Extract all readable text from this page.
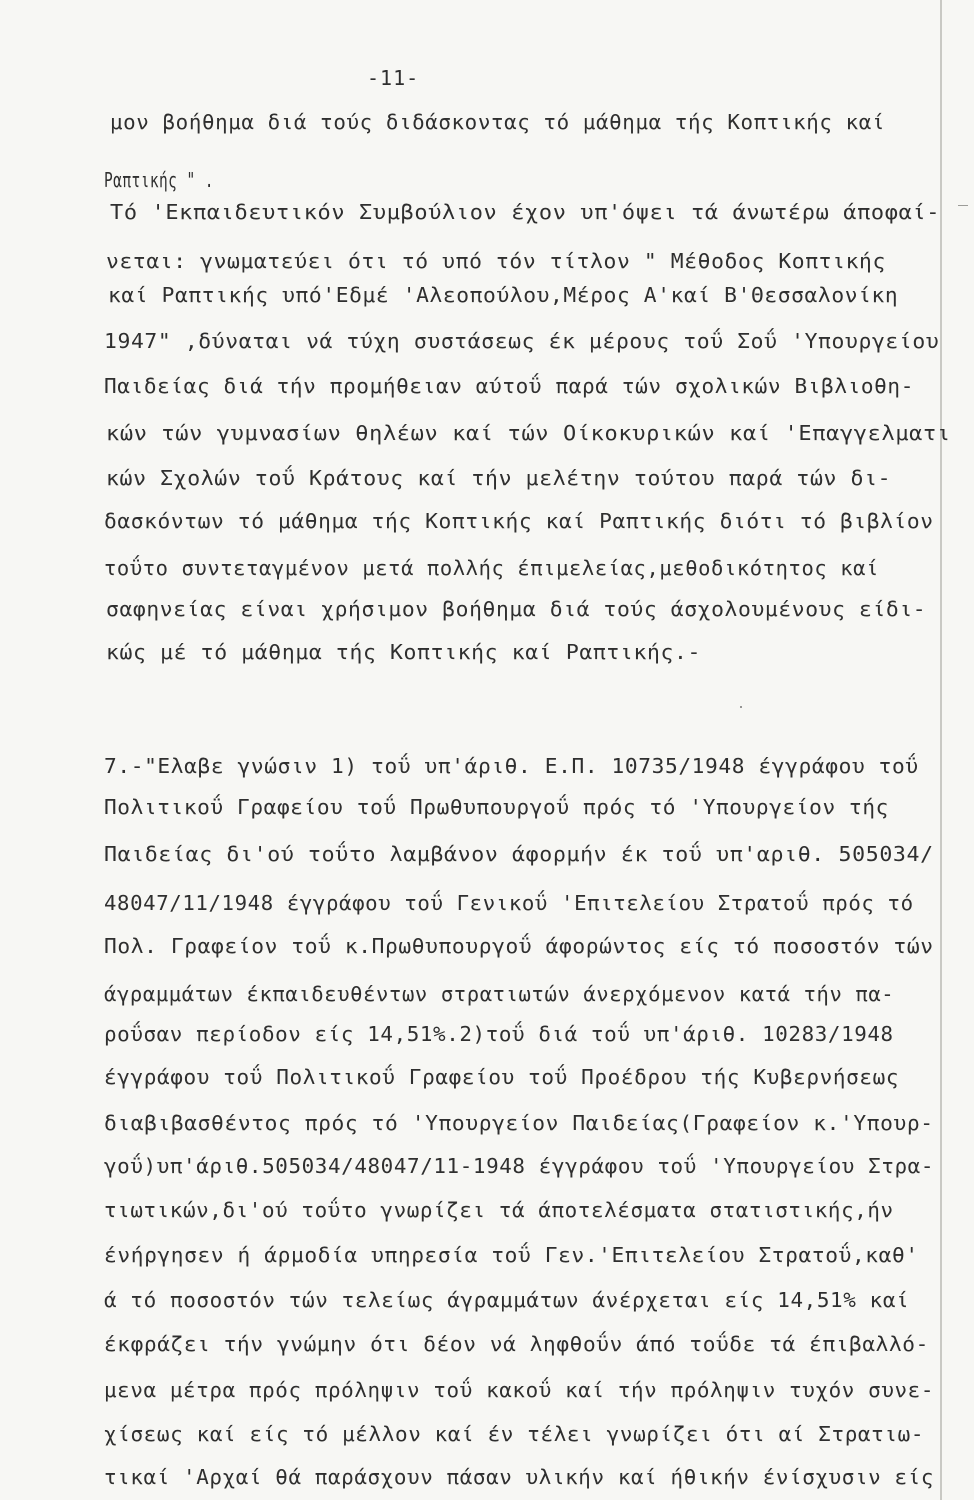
-11-
μον βοήθημα διά τούς διδάσκοντας τό μάθημα τής Κοπτικής καί
Ραπτικής " .
Τό 'Εκπαιδευτικόν Συμβούλιον έχον υπ'όψει τά άνωτέρω άποφαί-
νεται: γνωματεύει ότι τό υπό τόν τίτλον " Μέθοδος Κοπτικής
καί Ραπτικής υπό'Εδμέ 'Αλεοπούλου,Μέρος Α'καί Β'Θεσσαλονίκη
1947" ,δύναται νά τύχη συστάσεως έκ μέρους τοΰ Σοΰ 'Υπουργείου
Παιδείας διά τήν προμήθειαν αύτοΰ παρά τών σχολικών Βιβλιοθη-
κών τών γυμνασίων θηλέων καί τών Οίκοκυρικών καί 'Επαγγελματι
κών Σχολών τοΰ Κράτους καί τήν μελέτην τούτου παρά τών δι-
δασκόντων τό μάθημα τής Κοπτικής καί Ραπτικής διότι τό βιβλίον
τοΰτο συντεταγμένον μετά πολλής έπιμελείας,μεθοδικότητος καί
σαφηνείας είναι χρήσιμον βοήθημα διά τούς άσχολουμένους είδι-
κώς μέ τό μάθημα τής Κοπτικής καί Ραπτικής.-
7.-"Ελαβε γνώσιν 1) τοΰ υπ'άριθ. Ε.Π. 10735/1948 έγγράφου τοΰ
Πολιτικοΰ Γραφείου τοΰ Πρωθυπουργοΰ πρός τό 'Υπουργείον τής
Παιδείας δι'ού τοΰτο λαμβάνον άφορμήν έκ τοΰ υπ'αριθ. 505034/
48047/11/1948 έγγράφου τοΰ Γενικοΰ 'Επιτελείου Στρατοΰ πρός τό
Πολ. Γραφείον τοΰ κ.Πρωθυπουργοΰ άφορώντος είς τό ποσοστόν τών
άγραμμάτων έκπαιδευθέντων στρατιωτών άνερχόμενον κατά τήν πα-
ροΰσαν περίοδον είς 14,51%.2)τοΰ διά τοΰ υπ'άριθ. 10283/1948
έγγράφου τοΰ Πολιτικοΰ Γραφείου τοΰ Προέδρου τής Κυβερνήσεως
διαβιβασθέντος πρός τό 'Υπουργείον Παιδείας(Γραφείον κ.'Υπουρ-
γοΰ)υπ'άριθ.505034/48047/11-1948 έγγράφου τοΰ 'Υπουργείου Στρα-
τιωτικών,δι'ού τοΰτο γνωρίζει τά άποτελέσματα στατιστικής,ήν
ένήργησεν ή άρμοδία υπηρεσία τοΰ Γεν.'Επιτελείου Στρατοΰ,καθ'
ά τό ποσοστόν τών τελείως άγραμμάτων άνέρχεται είς 14,51% καί
έκφράζει τήν γνώμην ότι δέον νά ληφθοΰν άπό τοΰδε τά έπιβαλλό-
μενα μέτρα πρός πρόληψιν τοΰ κακοΰ καί τήν πρόληψιν τυχόν συνε-
χίσεως καί είς τό μέλλον καί έν τέλει γνωρίζει ότι αί Στρατιω-
τικαί 'Αρχαί θά παράσχουν πάσαν υλικήν καί ήθικήν ένίσχυσιν είς
